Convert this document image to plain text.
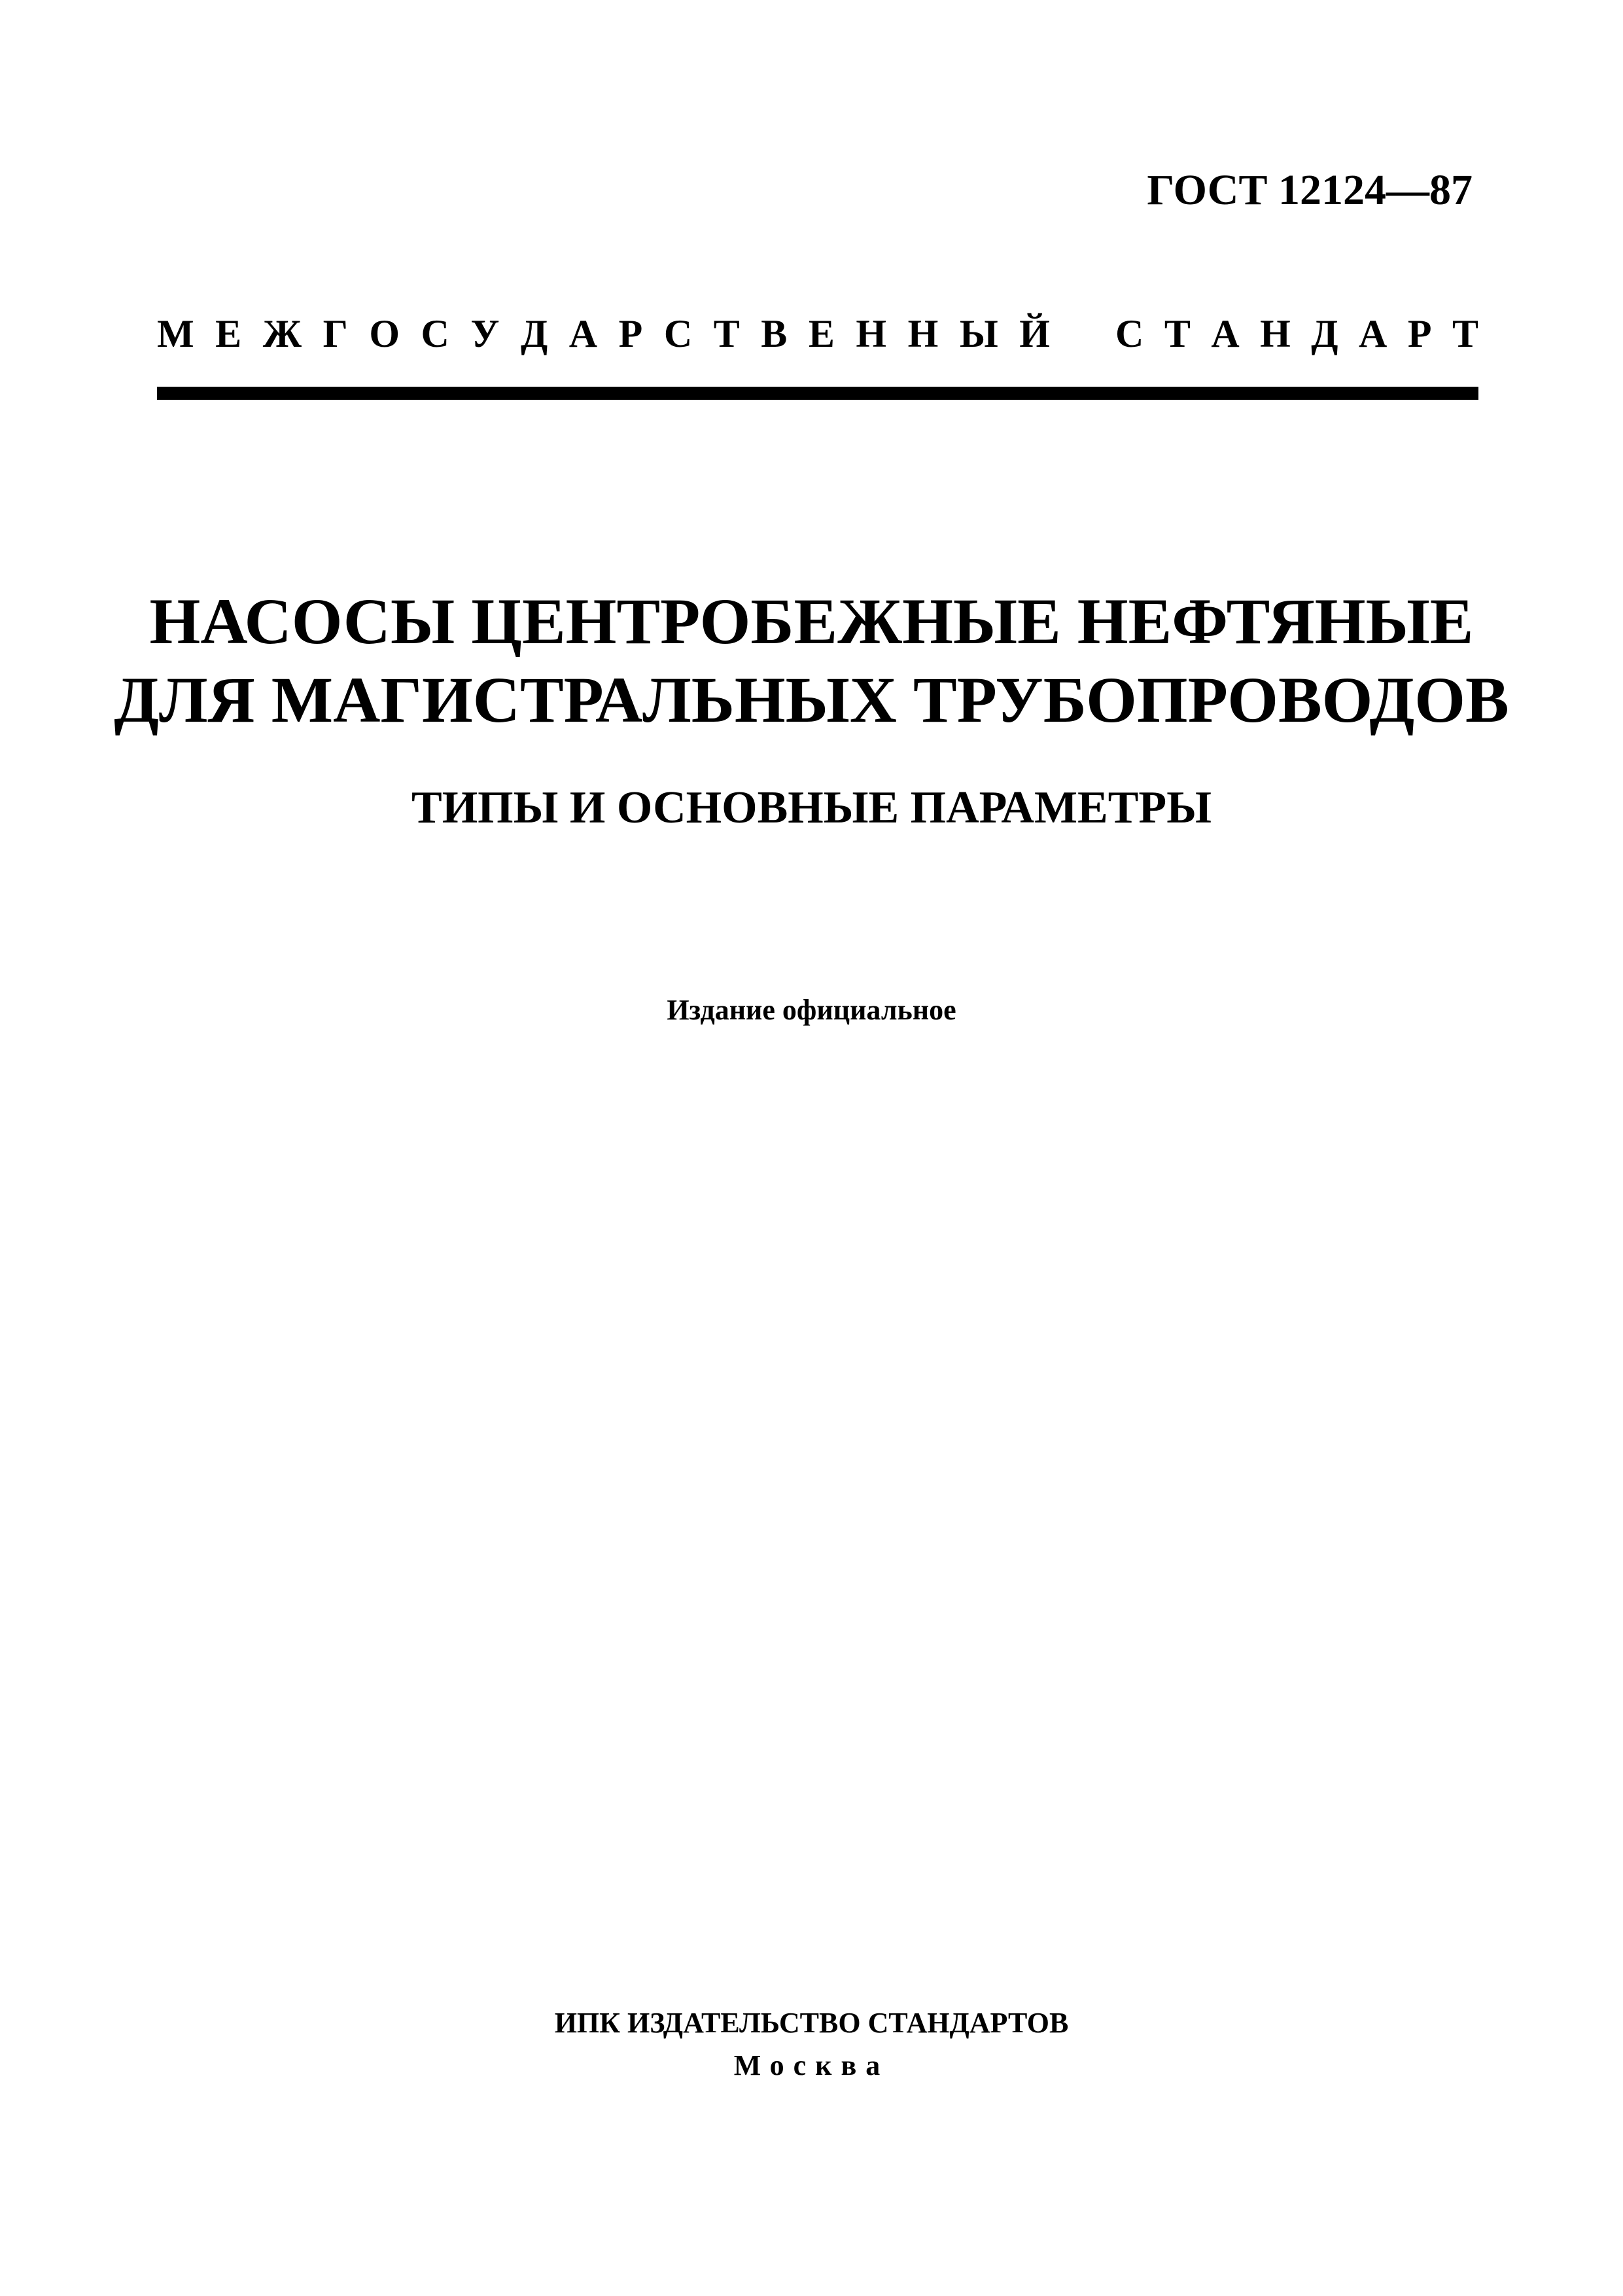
ГОСТ 12124—87
М Е Ж Г О С У Д А Р С Т В Е Н Н Ы Й С Т А Н Д А Р Т
НАСОСЫ ЦЕНТРОБЕЖНЫЕ НЕФТЯНЫЕ
ДЛЯ МАГИСТРАЛЬНЫХ ТРУБОПРОВОДОВ
ТИПЫ И ОСНОВНЫЕ ПАРАМЕТРЫ
Издание официальное
ИПК ИЗДАТЕЛЬСТВО СТАНДАРТОВ
Москва
